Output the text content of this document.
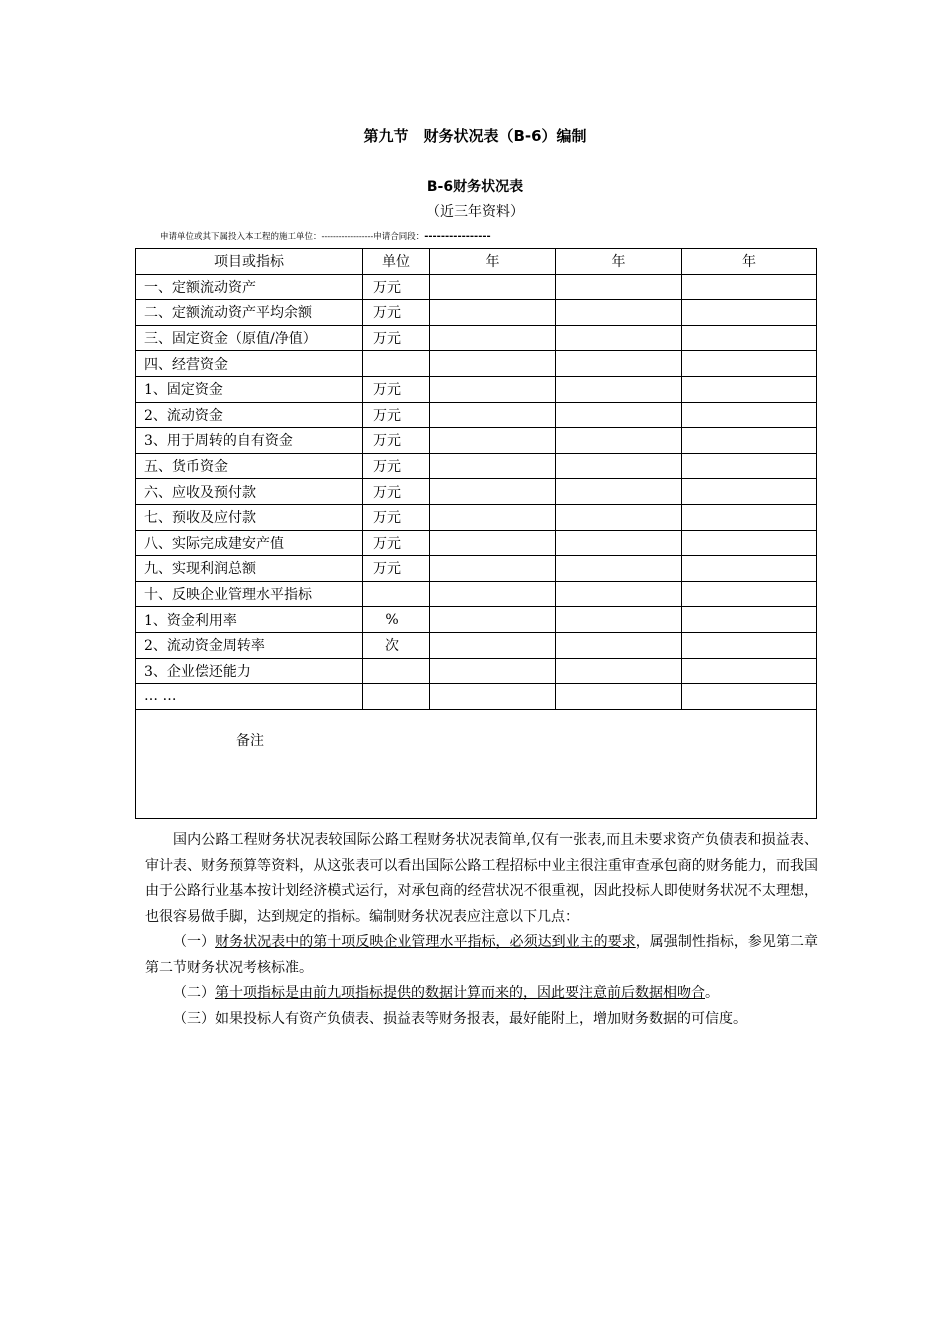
第九节　财务状况表（B-6）编制
B-6财务状况表
（近三年资料）
申请单位或其下属投入本工程的施工单位：------------------申请合同段：----------------
项目或指标	单位	年	年	年
一、定额流动资产	万元			
二、定额流动资产平均余额	万元			
三、固定资金（原值/净值）	万元			
四、经营资金				
1、固定资金	万元			
2、流动资金	万元			
3、用于周转的自有资金	万元			
五、货币资金	万元			
六、应收及预付款	万元			
七、预收及应付款	万元			
八、实际完成建安产值	万元			
九、实现利润总额	万元			
十、反映企业管理水平指标				
1、资金利用率	%			
2、流动资金周转率	次			
3、企业偿还能力				
… …				
备注				

国内公路工程财务状况表较国际公路工程财务状况表简单,仅有一张表,而且未要求资产负债表和损益表、审计表、财务预算等资料，从这张表可以看出国际公路工程招标中业主很注重审查承包商的财务能力，而我国由于公路行业基本按计划经济模式运行，对承包商的经营状况不很重视，因此投标人即使财务状况不太理想，也很容易做手脚，达到规定的指标。编制财务状况表应注意以下几点：

（一）财务状况表中的第十项反映企业管理水平指标，必须达到业主的要求，属强制性指标，参见第二章第二节财务状况考核标准。

（二）第十项指标是由前九项指标提供的数据计算而来的，因此要注意前后数据相吻合。

（三）如果投标人有资产负债表、损益表等财务报表，最好能附上，增加财务数据的可信度。
